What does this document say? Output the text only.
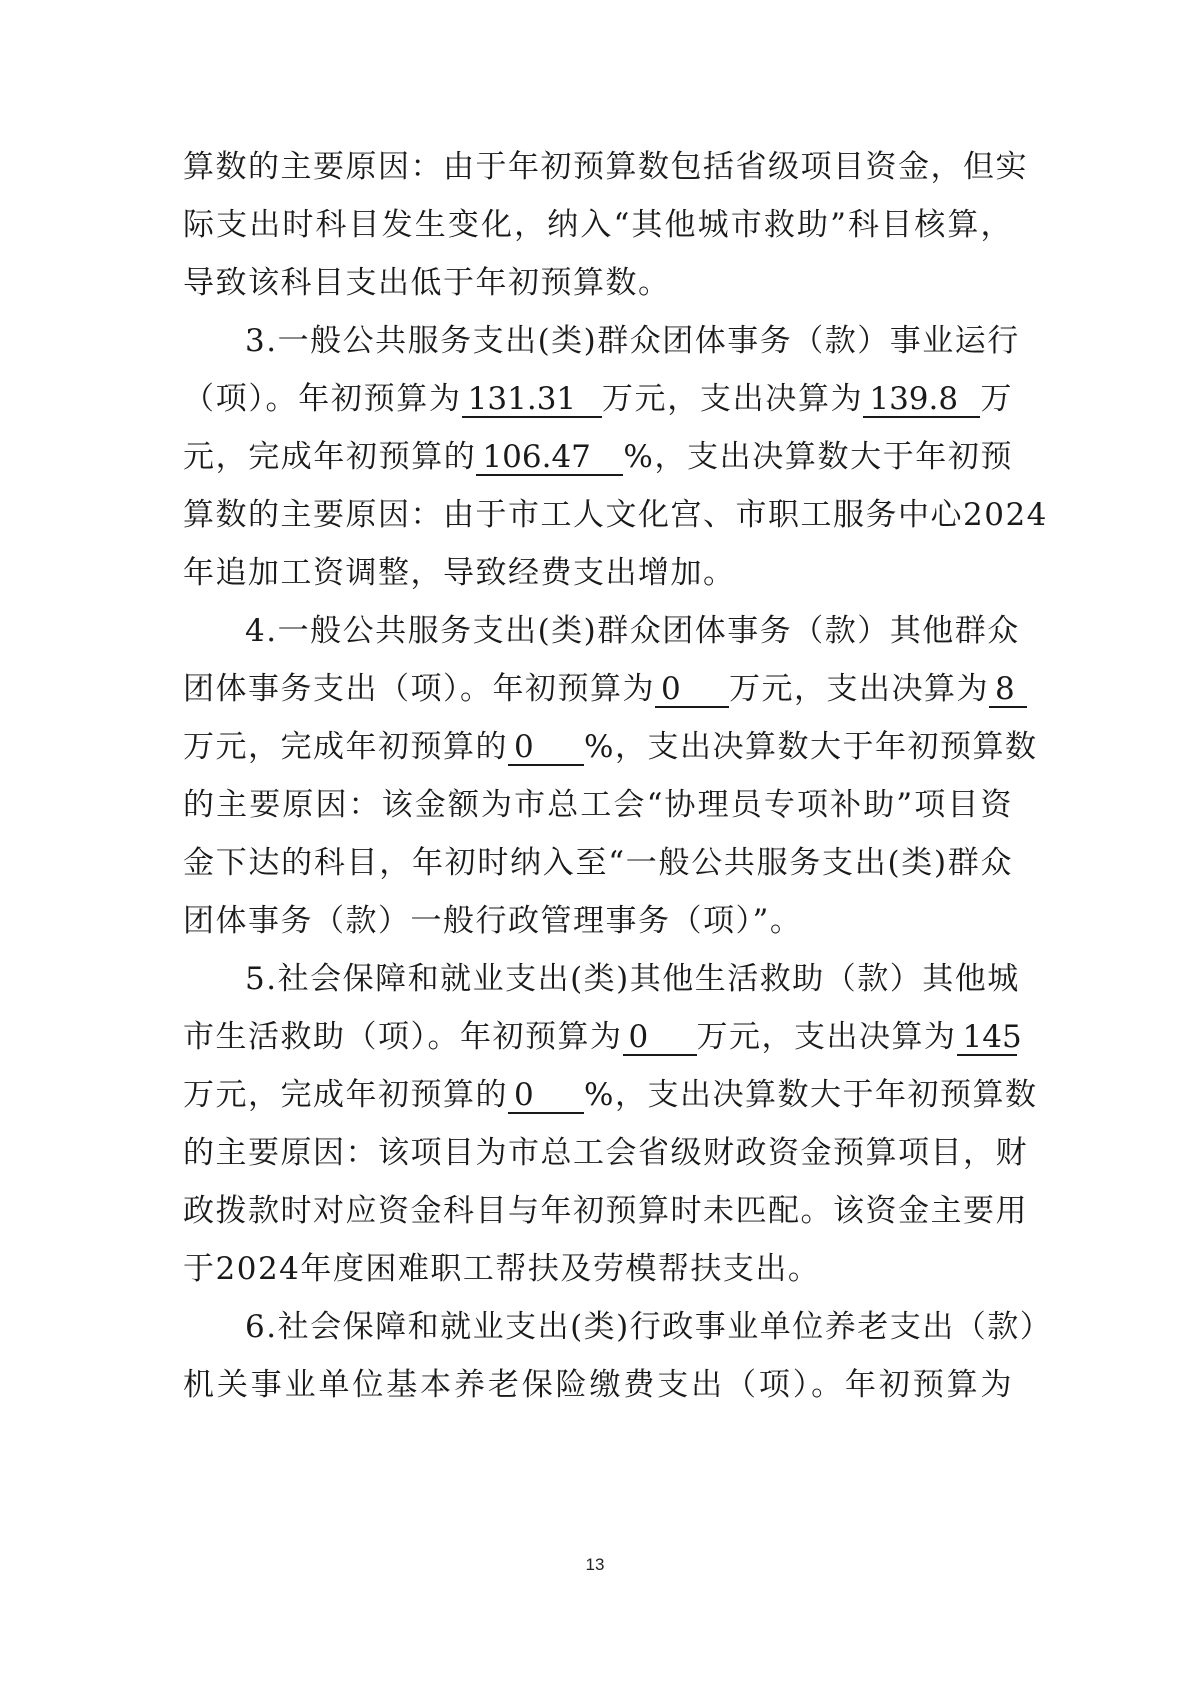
算数的主要原因：由于年初预算数包括省级项目资金，但实
际支出时科目发生变化，纳入“其他城市救助”科目核算，
导致该科目支出低于年初预算数。
3.一般公共服务支出(类)群众团体事务（款）事业运行
（项）。年初预算为 131.31 万元，支出决算为 139.8 万
元，完成年初预算的 106.47 %，支出决算数大于年初预
算数的主要原因：由于市工人文化宫、市职工服务中心2024
年追加工资调整，导致经费支出增加。
4.一般公共服务支出(类)群众团体事务（款）其他群众
团体事务支出（项）。年初预算为 0 万元，支出决算为 8
万元，完成年初预算的 0 %，支出决算数大于年初预算数
的主要原因：该金额为市总工会“协理员专项补助”项目资
金下达的科目，年初时纳入至“一般公共服务支出(类)群众
团体事务（款）一般行政管理事务（项）”。
5.社会保障和就业支出(类)其他生活救助（款）其他城
市生活救助（项）。年初预算为 0 万元，支出决算为 145
万元，完成年初预算的 0 %，支出决算数大于年初预算数
的主要原因：该项目为市总工会省级财政资金预算项目，财
政拨款时对应资金科目与年初预算时未匹配。该资金主要用
于2024年度困难职工帮扶及劳模帮扶支出。
6.社会保障和就业支出(类)行政事业单位养老支出（款）
机关事业单位基本养老保险缴费支出（项）。年初预算为
13
